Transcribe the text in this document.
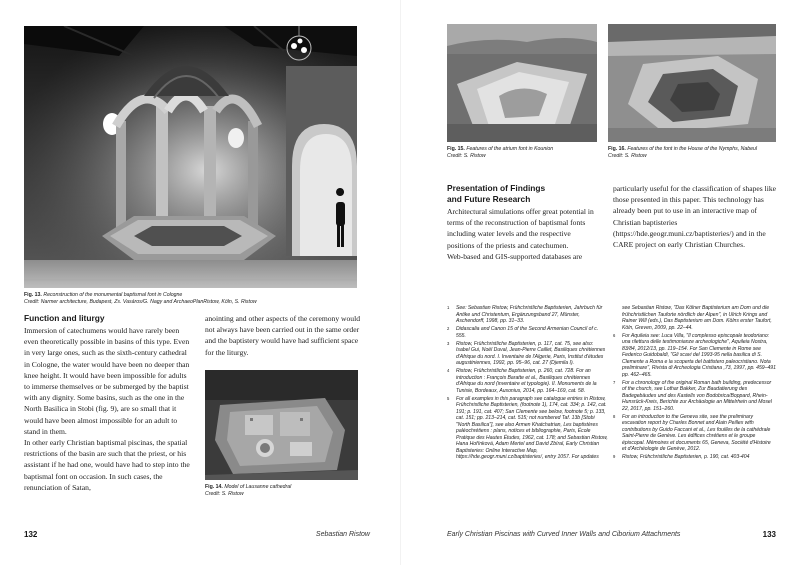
Fig. 13. Reconstruction of the monumental baptismal font in Cologne
Credit: Narmer architecture, Budapest, Zs. Vasáros/G. Nagy and ArchaeoPlanRistow, Köln, S. Ristow
Function and liturgy

Immersion of catechumens would have rarely been even theoretically possible in basins of this type. Even in very large ones, such as the sixth-century cathedral in Cologne, the water would have been no deeper than knee height. It would have been impossible for adults to immerse themselves or be submerged by the baptist with any dignity. Some basins, such as the one in the North Basilica in Stobi (fig. 9), are so small that it would have been almost impossible for an adult to stand in them.

In other early Christian baptismal piscinas, the spatial restrictions of the basin are such that the priest, or his assistant if he had one, would have had to step into the baptismal font on occasion. In such cases, the renunciation of Satan,

anointing and other aspects of the ceremony would not always have been carried out in the same order and the baptistery would have had sufficient space for the liturgy.

Fig. 14. Model of Lausanne cathedral
Credit: S. Ristow
132	Sebastian Ristow
Fig. 15. Features of the atrium font in Kounion
Credit: S. Ristow
Fig. 16. Features of the font in the House of the Nymphs, Nabeul
Credit: S. Ristow
Presentation of Findings
and Future Research

Architectural simulations offer great potential in terms of the reconstruction of baptismal fonts including water levels and the respective positions of the priests and catechumen.

Web-based and GIS-supported databases are

particularly useful for the classification of shapes like those presented in this paper. This technology has already been put to use in an interactive map of Christian baptisteries (https://hde.geogr.muni.cz/baptisteries/) and in the CARE project on early Christian Churches.

1 See: Sebastian Ristow, Frühchristliche Baptisterien, Jahrbuch für Antike und Christentum, Ergänzungsband 27, Münster, Aschendorff, 1998, pp. 31–33.
2 Didascalia and Canon 15 of the Second Armenian Council of c. 555.
3 Ristow, Frühchristliche Baptisterien, p. 117, cat. 75, see also: Isabel Gui, Noël Duval, Jean-Pierre Caillet, Basiliques chrétiennes d'Afrique du nord. I. Inventaire de l'Algerie, Paris, Institut d'études augustiniennes, 1992, pp. 95–96, cat. 27 (Djemila I).
4 Ristow, Frühchristliche Baptisterien, p. 260, cat. 728. For an introduction : François Baratte et al., Basiliques chrétiennes d'Afrique du nord (inventaire et typologie). II. Monuments de la Tunisie, Bordeaux, Ausonius, 2014, pp. 164–169, cat. 58.
5 For all examples in this paragraph see catalogue entries in Ristow, Frühchristliche Baptisterien, (footnote 1), 174, cat. 334; p. 142, cat. 191; p. 191, cat. 407; San Clemente see below, footnote 5; p. 133, cat. 151; pp. 213–214, cat. 515; not numbered Taf. 13b [Stobi "North Basilica"], see also Armen Khatchatrian, Les baptistères paléochrétiens : plans, notices et bibliographie, Paris, École Pratique des Hautes Études, 1962, cat. 178; and Sebastian Ristow, Hana Hořínková, Adam Mertel and David Zbíral, Early Christian Baptisteries: Online Interactive Map, https://hde.geogr.muni.cz/baptisteries/, entry 1057. For updates
see Sebastian Ristow, "Das Kölner Baptisterium am Dom und die frühchristlichen Tauforte nördlich der Alpen", in Ulrich Krings and Rainer Will (eds.), Das Baptisterium am Dom. Kölns erster Taufort, Köln, Greven, 2009, pp. 22–44.
6 For Aquileia see: Luca Villa, "Il complesso episcopale teodoriano: una rilettura delle testimonianze archeologiche", Aquileia Nostra, 83/84, 2012/13, pp. 119–154. For San Clemente in Rome see Federico Guidobaldi, "Gli scavi del 1993-95 nella basilica di S. Clemente a Roma e la scoperta del battistero paleocristiano. Nota preliminare", Rivista di Archeologia Cristiana ,73, 1997, pp. 459–491 pp. 462–465.
7 For a chronology of the original Roman bath building, predecessor of the church, see Lothar Bakker, Zur Baudatierung des Badegebäudes und des Kastells von Bodobrica/Boppard, Rhein-Hunsrück-Kreis, Berichte zur Archäologie an Mittelrhein und Mosel 22, 2017, pp. 151–260.
8 For an introduction to the Geneva site, see the preliminary excavation report by Charles Bonnet and Alain Peillex with contributions by Guido Faccani et al., Les fouilles de la cathédrale Saint-Pierre de Genève. Les édifices chrétiens et le groupe épiscopal. Mémoires et documents 65, Geneva, Société d'Histoire et d'Archéologie de Genève, 2012.
9 Ristow, Frühchristliche Baptisterien, p. 190, cat. 403-404
Early Christian Piscinas with Curved Inner Walls and Ciborium Attachments	133
